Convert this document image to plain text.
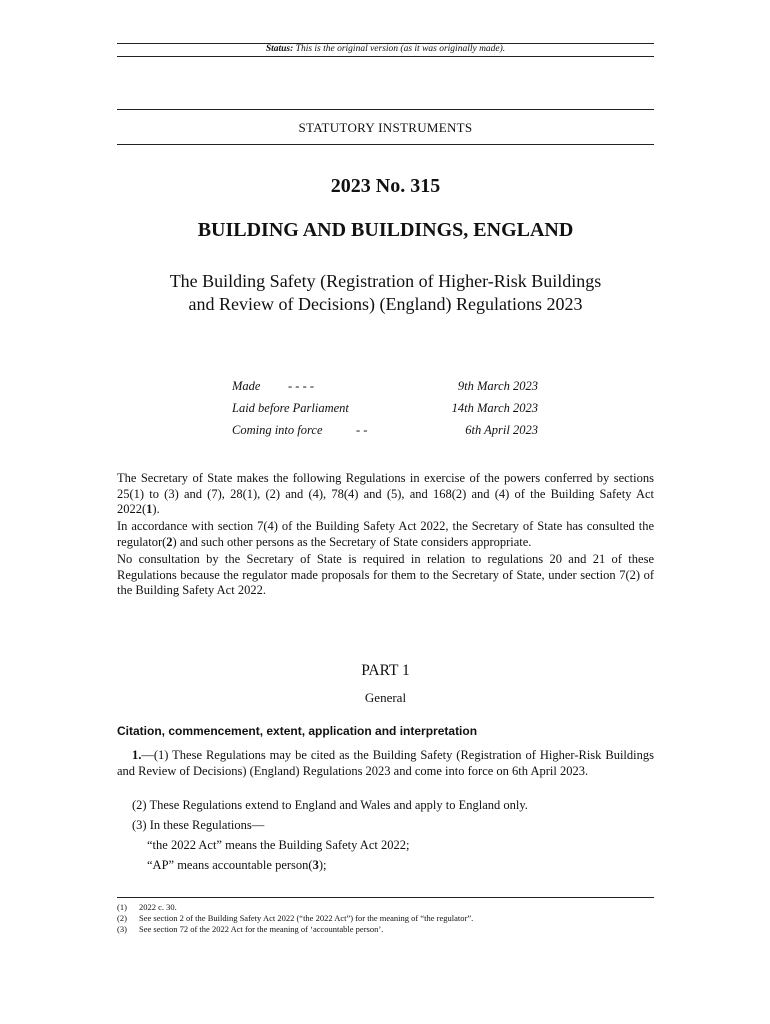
Status: This is the original version (as it was originally made).
STATUTORY INSTRUMENTS
2023 No. 315
BUILDING AND BUILDINGS, ENGLAND
The Building Safety (Registration of Higher-Risk Buildings
and Review of Decisions) (England) Regulations 2023
Made - - - -	9th March 2023
Laid before Parliament	14th March 2023
Coming into force	- -	6th April 2023
The Secretary of State makes the following Regulations in exercise of the powers conferred by sections 25(1) to (3) and (7), 28(1), (2) and (4), 78(4) and (5), and 168(2) and (4) of the Building Safety Act 2022(1).
In accordance with section 7(4) of the Building Safety Act 2022, the Secretary of State has consulted the regulator(2) and such other persons as the Secretary of State considers appropriate.
No consultation by the Secretary of State is required in relation to regulations 20 and 21 of these Regulations because the regulator made proposals for them to the Secretary of State, under section 7(2) of the Building Safety Act 2022.
PART 1
General
Citation, commencement, extent, application and interpretation
1.—(1) These Regulations may be cited as the Building Safety (Registration of Higher-Risk Buildings and Review of Decisions) (England) Regulations 2023 and come into force on 6th April 2023.
(2) These Regulations extend to England and Wales and apply to England only.
(3) In these Regulations—
“the 2022 Act” means the Building Safety Act 2022;
“AP” means accountable person(3);
(1) 2022 c. 30.
(2) See section 2 of the Building Safety Act 2022 (“the 2022 Act”) for the meaning of “the regulator”.
(3) See section 72 of the 2022 Act for the meaning of ‘accountable person’.
